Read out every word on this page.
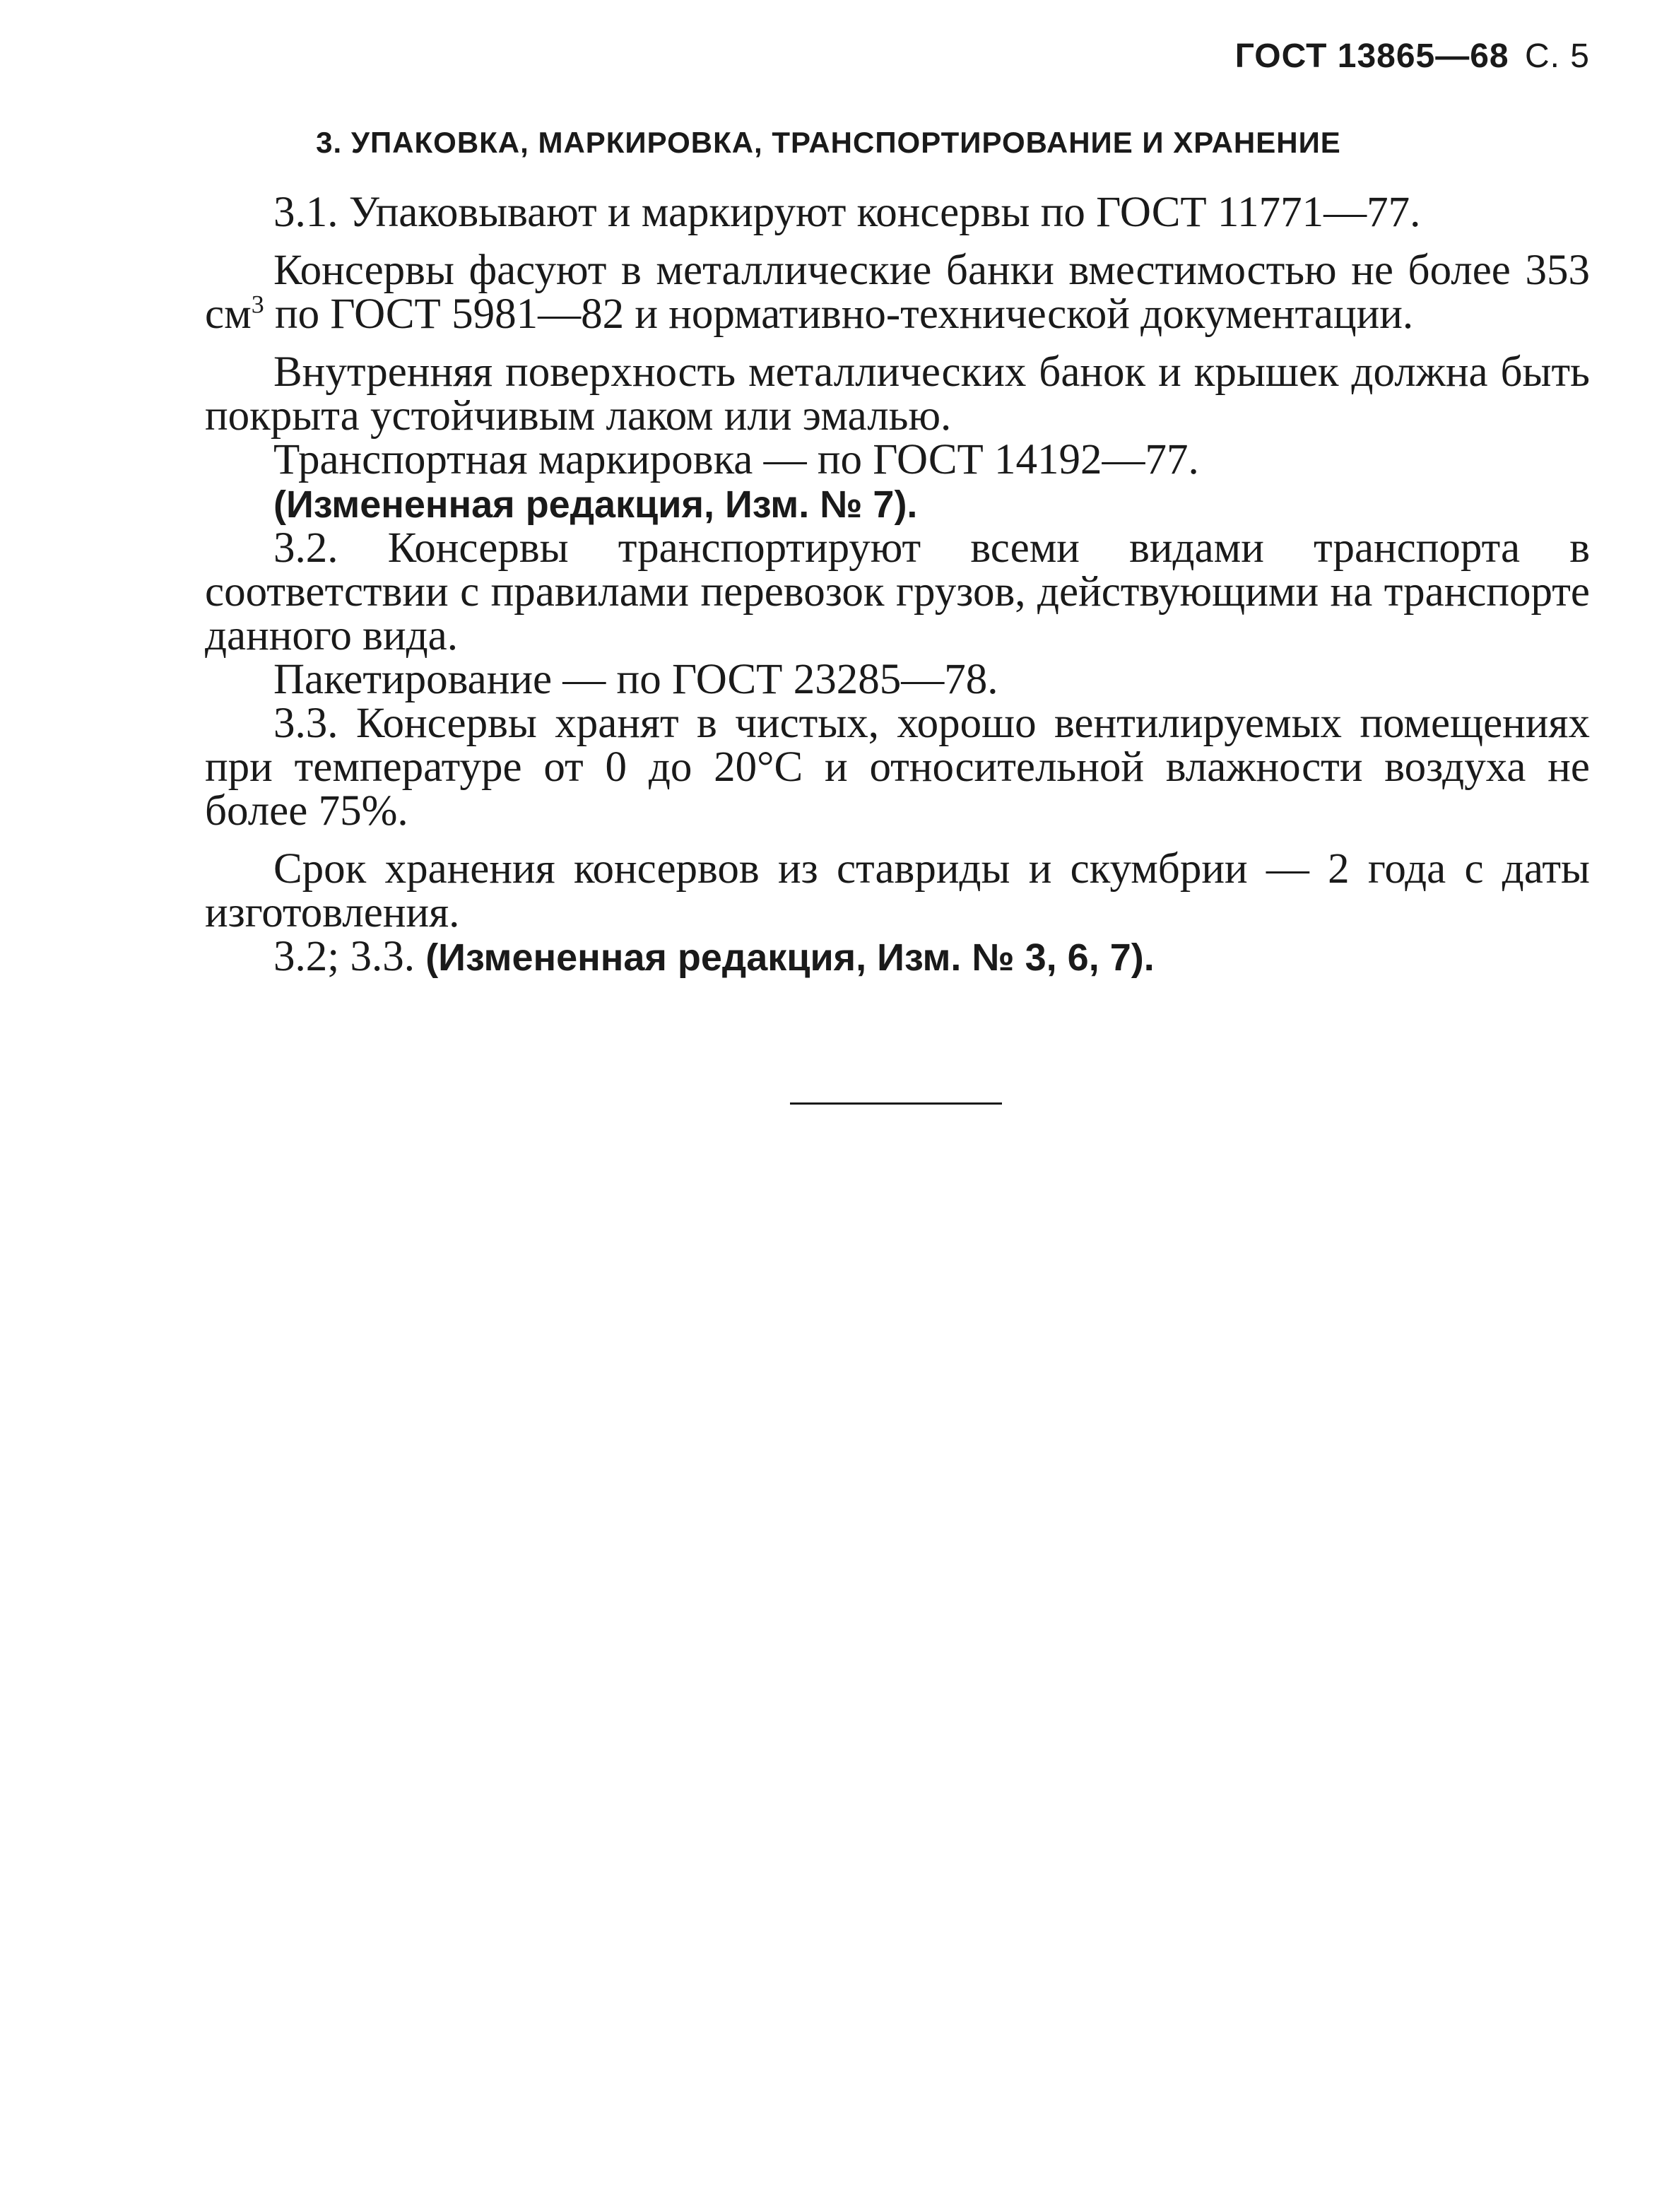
ГОСТ 13865—68 С. 5
3. УПАКОВКА, МАРКИРОВКА, ТРАНСПОРТИРОВАНИЕ И ХРАНЕНИЕ

3.1. Упаковывают и маркируют консервы по ГОСТ 11771—77.

Консервы фасуют в металлические банки вместимостью не более 353 $см^3$ по ГОСТ 5981—82 и нормативно-технической документации.

Внутренняя поверхность металлических банок и крышек должна быть покрыта устойчивым лаком или эмалью.

Транспортная маркировка — по ГОСТ 14192—77.

(Измененная редакция, Изм. № 7).

3.2. Консервы транспортируют всеми видами транспорта в соответствии с правилами перевозок грузов, действующими на транспорте данного вида.

Пакетирование — по ГОСТ 23285—78.

3.3. Консервы хранят в чистых, хорошо вентилируемых помещениях при температуре от 0 до 20°С и относительной влажности воздуха не более 75%.

Срок хранения консервов из ставриды и скумбрии — 2 года с даты изготовления.

3.2; 3.3. (Измененная редакция, Изм. № 3, 6, 7).
